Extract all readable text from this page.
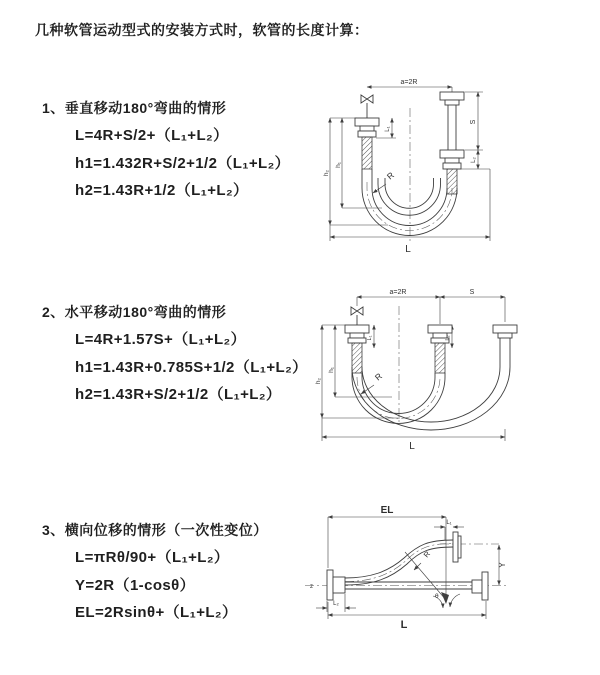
几种软管运动型式的安装方式时，软管的长度计算：
1、垂直移动180°弯曲的情形
L=4R+S/2+（L₁+L₂）
h1=1.432R+S/2+1/2（L₁+L₂）
h2=1.43R+1/2（L₁+L₂）
2、水平移动180°弯曲的情形
L=4R+1.57S+（L₁+L₂）
h1=1.43R+0.785S+1/2（L₁+L₂）
h2=1.43R+S/2+1/2（L₁+L₂）
3、横向位移的情形（一次性变位）
L=πRθ/90+（L₁+L₂）
Y=2R（1-cosθ）
EL=2Rsinθ+（L₁+L₂）
a=2R
L₁
S
L₂
h₁
h₂	R
L
a=2R	S
L₁	L₂
h₁
h₂	R
L
EL
L₁
Y
L₂
L
R
θ
z
